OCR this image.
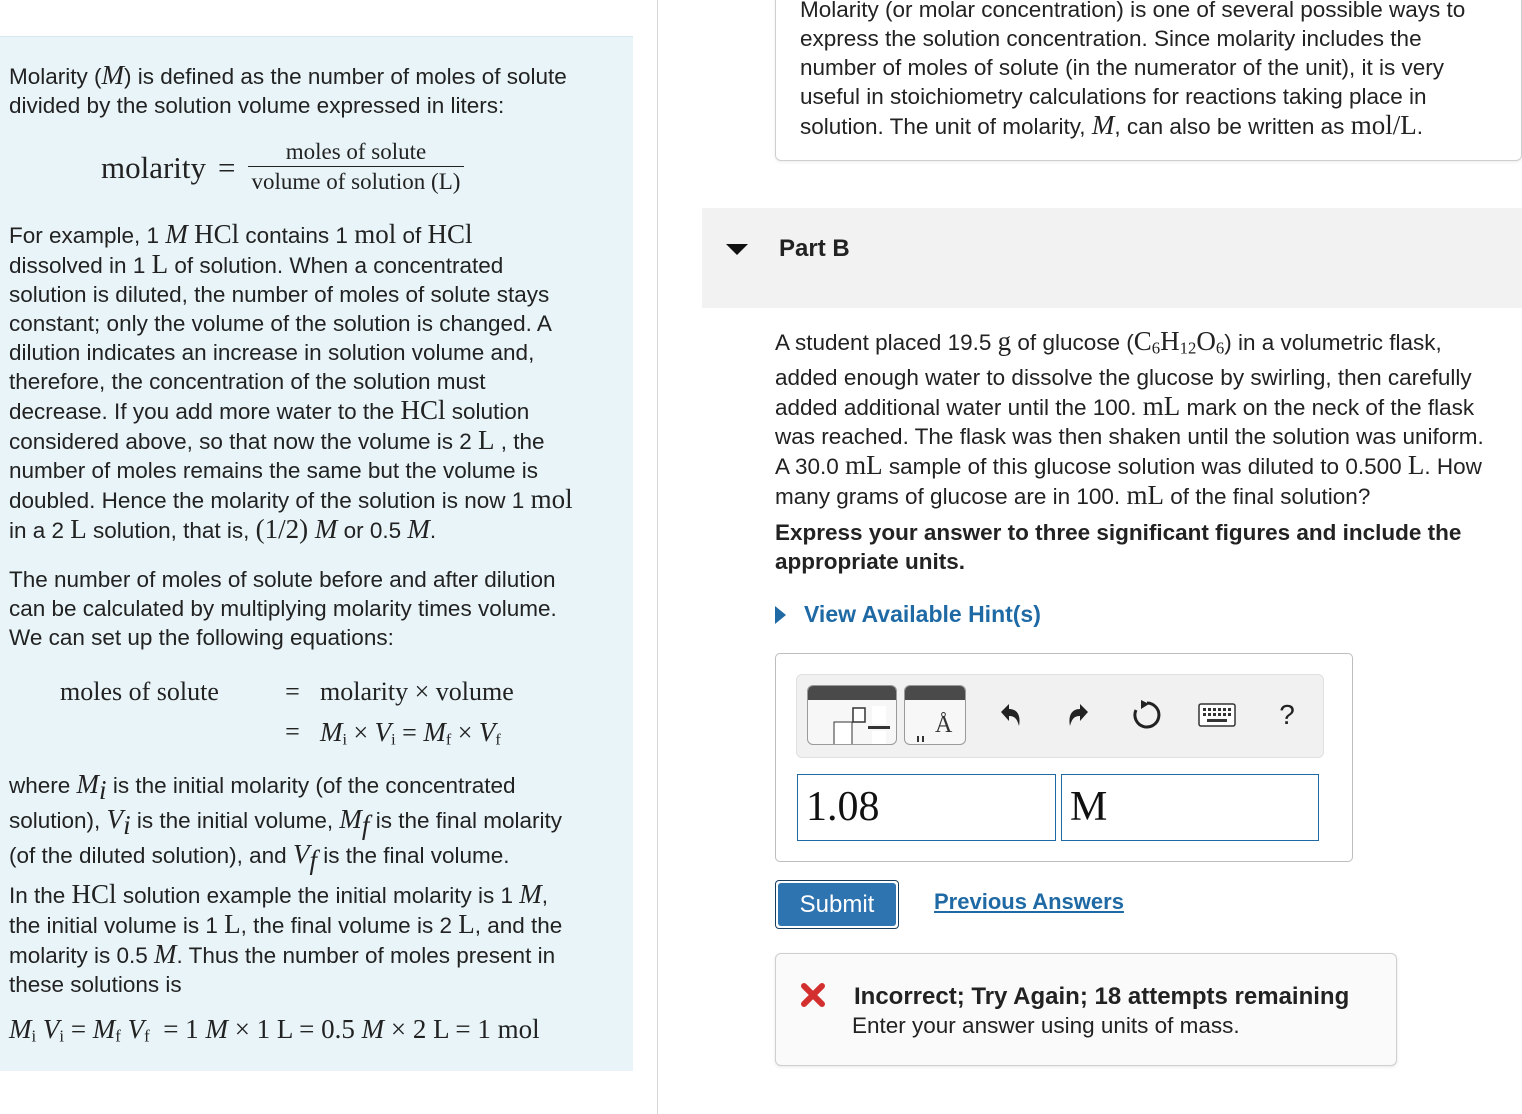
Molarity (M) is defined as the number of moles of solute
divided by the solution volume expressed in liters:
molarity = $\frac{\text{moles of solute}}{\text{volume of solution (L)}}$
For example, 1 M HCl contains 1 mol of HCl
dissolved in 1 L of solution. When a concentrated
solution is diluted, the number of moles of solute stays
constant; only the volume of the solution is changed. A
dilution indicates an increase in solution volume and,
therefore, the concentration of the solution must
decrease. If you add more water to the HCl solution
considered above, so that now the volume is 2 L , the
number of moles remains the same but the volume is
doubled. Hence the molarity of the solution is now 1 mol
in a 2 L solution, that is, (1/2) M or 0.5 M.
The number of moles of solute before and after dilution
can be calculated by multiplying molarity times volume.
We can set up the following equations:
moles of solute	= molarity × volume
= $M_i \times V_i = M_f \times V_f$
where $M_i$ is the initial molarity (of the concentrated
solution), $V_i$ is the initial volume, $M_f$ is the final molarity
(of the diluted solution), and $V_f$ is the final volume.
In the HCl solution example the initial molarity is 1 M,
the initial volume is 1 L, the final volume is 2 L, and the
molarity is 0.5 M. Thus the number of moles present in
these solutions is
$M_i$ $V_i = M_f$ $V_f = 1$ M × 1 L = 0.5 M × 2 L = 1 mol
Molarity (or molar concentration) is one of several possible ways to
express the solution concentration. Since molarity includes the
number of moles of solute (in the numerator of the unit), it is very
useful in stoichiometry calculations for reactions taking place in
solution. The unit of molarity, M, can also be written as mol/L.
Part B
A student placed 19.5 g of glucose $(C_6H_{12}O_6)$ in a volumetric flask,
added enough water to dissolve the glucose by swirling, then carefully
added additional water until the 100. mL mark on the neck of the flask
was reached. The flask was then shaken until the solution was uniform.
A 30.0 mL sample of this glucose solution was diluted to 0.500 L. How
many grams of glucose are in 100. mL of the final solution?
Express your answer to three significant figures and include the
appropriate units.
View Available Hint(s)
Å	?
1.08	M
Submit	Previous Answers
Incorrect; Try Again; 18 attempts remaining
Enter your answer using units of mass.
